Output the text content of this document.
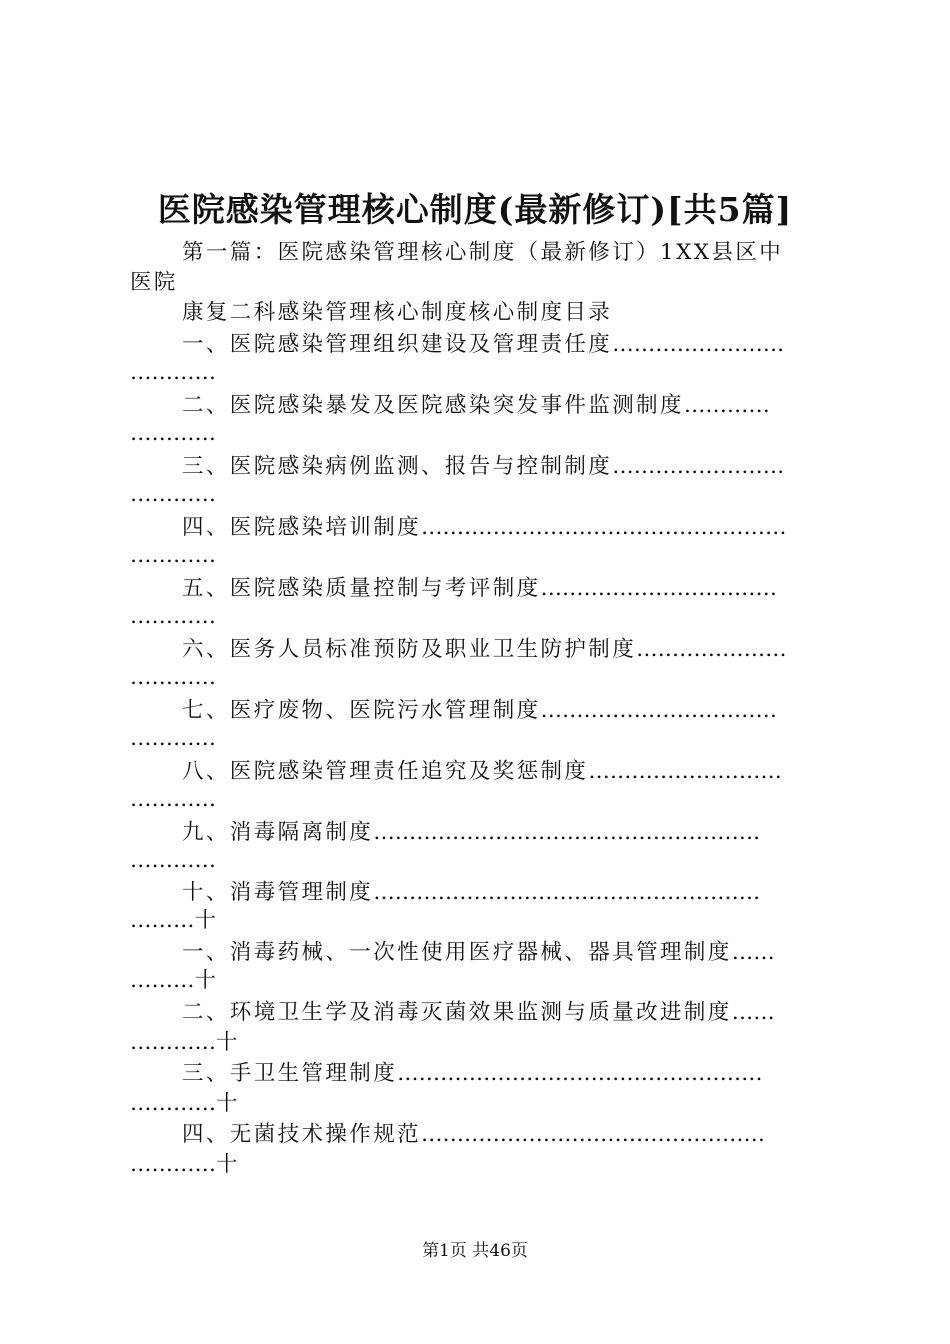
医院感染管理核心制度(最新修订)[共5篇]
第一篇：医院感染管理核心制度（最新修订）1XX县区中
医院
康复二科感染管理核心制度核心制度目录
一、医院感染管理组织建设及管理责任度 ……………………
…………
二、医院感染暴发及医院感染突发事件监测制度 …………
…………
三、医院感染病例监测、报告与控制制度 ……………………
…………
四、医院感染培训制度 ……………………………………………
…………
五、医院感染质量控制与考评制度 ……………………………
…………
六、医务人员标准预防及职业卫生防护制度 …………………
…………
七、医疗废物、医院污水管理制度 ……………………………
…………
八、医院感染管理责任追究及奖惩制度 ………………………
…………
九、消毒隔离制度 ………………………………………………
…………
十、消毒管理制度 ………………………………………………
………十
一、消毒药械、一次性使用医疗器械、器具管理制度 ……
………十
二、环境卫生学及消毒灭菌效果监测与质量改进制度 ……
…………十
三、手卫生管理制度 ……………………………………………
…………十
四、无菌技术操作规范 …………………………………………
…………十
第1页 共46页
